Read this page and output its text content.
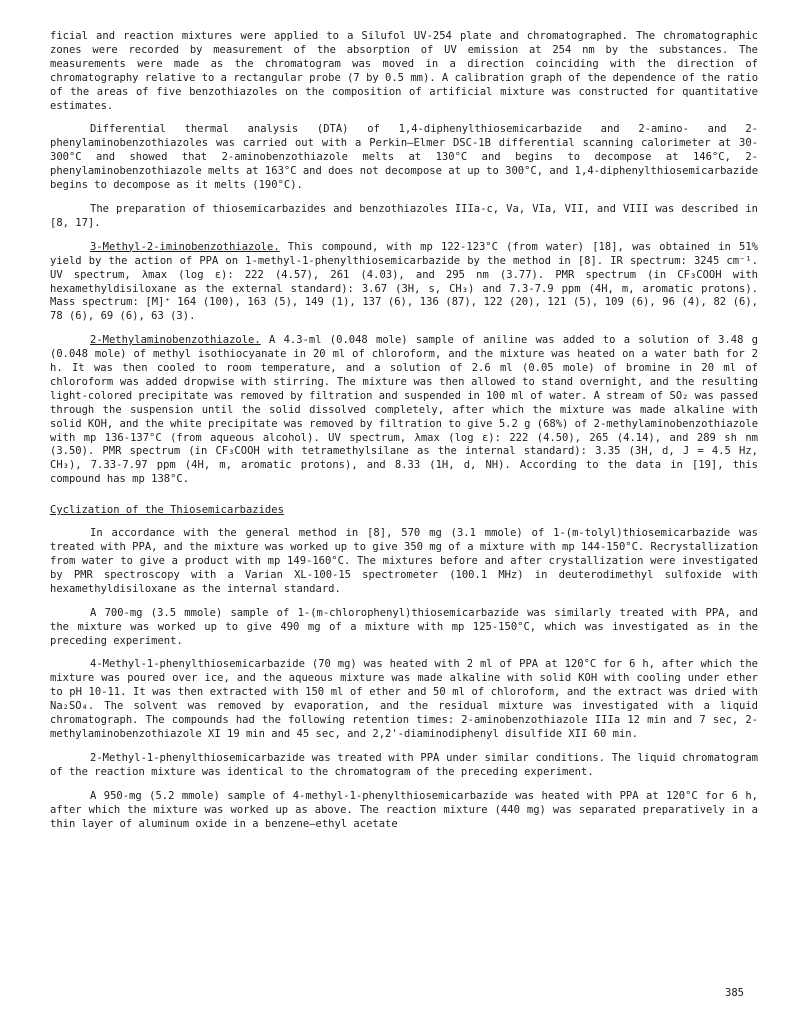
ficial and reaction mixtures were applied to a Silufol UV-254 plate and chromatographed. The chromatographic zones were recorded by measurement of the absorption of UV emission at 254 nm by the substances. The measurements were made as the chromatogram was moved in a direction coinciding with the direction of chromatography relative to a rectangular probe (7 by 0.5 mm). A calibration graph of the dependence of the ratio of the areas of five benzothiazoles on the composition of artificial mixture was constructed for quantitative estimates.

Differential thermal analysis (DTA) of 1,4-diphenylthiosemicarbazide and 2-amino- and 2-phenylaminobenzothiazoles was carried out with a Perkin—Elmer DSC-1B differential scanning calorimeter at 30-300°C and showed that 2-aminobenzothiazole melts at 130°C and begins to decompose at 146°C, 2-phenylaminobenzothiazole melts at 163°C and does not decompose at up to 300°C, and 1,4-diphenylthiosemicarbazide begins to decompose as it melts (190°C).

The preparation of thiosemicarbazides and benzothiazoles IIIa-c, Va, VIa, VII, and VIII was described in [8, 17].

3-Methyl-2-iminobenzothiazole. This compound, with mp 122-123°C (from water) [18], was obtained in 51% yield by the action of PPA on 1-methyl-1-phenylthiosemicarbazide by the method in [8]. IR spectrum: 3245 cm⁻¹. UV spectrum, λmax (log ε): 222 (4.57), 261 (4.03), and 295 nm (3.77). PMR spectrum (in CF₃COOH with hexamethyldisiloxane as the external standard): 3.67 (3H, s, CH₃) and 7.3-7.9 ppm (4H, m, aromatic protons). Mass spectrum: [M]⁺ 164 (100), 163 (5), 149 (1), 137 (6), 136 (87), 122 (20), 121 (5), 109 (6), 96 (4), 82 (6), 78 (6), 69 (6), 63 (3).

2-Methylaminobenzothiazole. A 4.3-ml (0.048 mole) sample of aniline was added to a solution of 3.48 g (0.048 mole) of methyl isothiocyanate in 20 ml of chloroform, and the mixture was heated on a water bath for 2 h. It was then cooled to room temperature, and a solution of 2.6 ml (0.05 mole) of bromine in 20 ml of chloroform was added dropwise with stirring. The mixture was then allowed to stand overnight, and the resulting light-colored precipitate was removed by filtration and suspended in 100 ml of water. A stream of SO₂ was passed through the suspension until the solid dissolved completely, after which the mixture was made alkaline with solid KOH, and the white precipitate was removed by filtration to give 5.2 g (68%) of 2-methylaminobenzothiazole with mp 136-137°C (from aqueous alcohol). UV spectrum, λmax (log ε): 222 (4.50), 265 (4.14), and 289 sh nm (3.50). PMR spectrum (in CF₃COOH with tetramethylsilane as the internal standard): 3.35 (3H, d, J = 4.5 Hz, CH₃), 7.33-7.97 ppm (4H, m, aromatic protons), and 8.33 (1H, d, NH). According to the data in [19], this compound has mp 138°C.

Cyclization of the Thiosemicarbazides

In accordance with the general method in [8], 570 mg (3.1 mmole) of 1-(m-tolyl)thiosemicarbazide was treated with PPA, and the mixture was worked up to give 350 mg of a mixture with mp 144-150°C. Recrystallization from water to give a product with mp 149-160°C. The mixtures before and after crystallization were investigated by PMR spectroscopy with a Varian XL-100-15 spectrometer (100.1 MHz) in deuterodimethyl sulfoxide with hexamethyldisiloxane as the internal standard.

A 700-mg (3.5 mmole) sample of 1-(m-chlorophenyl)thiosemicarbazide was similarly treated with PPA, and the mixture was worked up to give 490 mg of a mixture with mp 125-150°C, which was investigated as in the preceding experiment.

4-Methyl-1-phenylthiosemicarbazide (70 mg) was heated with 2 ml of PPA at 120°C for 6 h, after which the mixture was poured over ice, and the aqueous mixture was made alkaline with solid KOH with cooling under ether to pH 10-11. It was then extracted with 150 ml of ether and 50 ml of chloroform, and the extract was dried with Na₂SO₄. The solvent was removed by evaporation, and the residual mixture was investigated with a liquid chromatograph. The compounds had the following retention times: 2-aminobenzothiazole IIIa 12 min and 7 sec, 2-methylaminobenzothiazole XI 19 min and 45 sec, and 2,2'-diaminodiphenyl disulfide XII 60 min.

2-Methyl-1-phenylthiosemicarbazide was treated with PPA under similar conditions. The liquid chromatogram of the reaction mixture was identical to the chromatogram of the preceding experiment.

A 950-mg (5.2 mmole) sample of 4-methyl-1-phenylthiosemicarbazide was heated with PPA at 120°C for 6 h, after which the mixture was worked up as above. The reaction mixture (440 mg) was separated preparatively in a thin layer of aluminum oxide in a benzene—ethyl acetate

385
